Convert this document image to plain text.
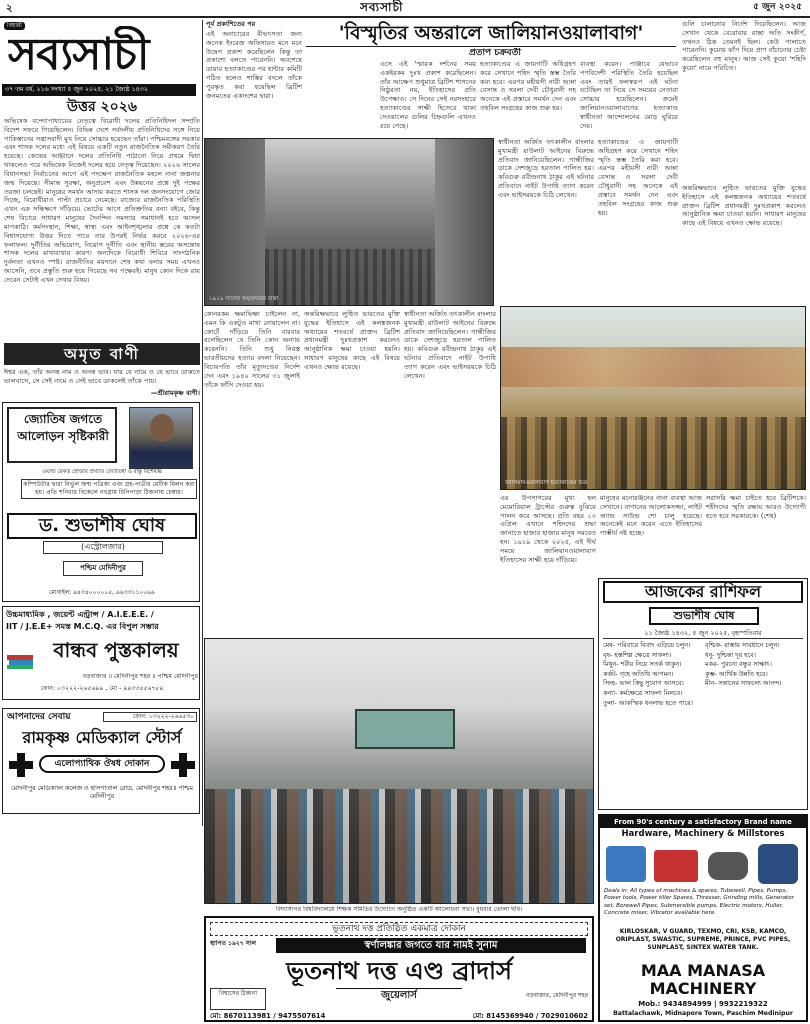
২	সব্যসাচী	৫ জুন ২০২৫
বিহারী
সব্যসাচী
৩৭ তম বর্ষ, ২১৬ সংখ্যা ৫ জুন ২০২৫, ২১ জ্যৈষ্ঠ ১৪৩২
উত্তর ২০২৬
অভিষেক বন্দ্যোপাধ্যায়ের নেতৃত্বে বিরোধী দলের প্রতিনিধিদল সম্প্রতি বিদেশ সফরে গিয়েছিলেন। বিভিন্ন দেশে সর্বদলীয় প্রতিনিধিদের সঙ্গে নিয়ে পাকিস্তানের সন্ত্রাসবাদী মুখ নিয়ে সোচ্চার হয়েছেন তাঁরা। পশ্চিমবঙ্গের সরকার এবং শাসক দলের মধ্যে এই বিষয়ে একটি নতুন রাজনৈতিক সমীকরণ তৈরি হয়েছে। কেন্দ্রের আহ্বানে দলের প্রতিনিধি পাঠানো নিয়ে প্রথমে দ্বিধা থাকলেও পরে অভিষেক নিজেই দলের হয়ে নেতৃত্ব দিয়েছেন। ২০২৬ সালের বিধানসভা নির্বাচনের আগে এই পদক্ষেপ রাজনৈতিক মহলে নানা জল্পনার জন্ম দিয়েছে। সীমান্ত সুরক্ষা, অনুপ্রবেশ এবং উন্নয়নের প্রশ্নে দুই পক্ষের তরজা চলছেই। মানুষের সমর্থন আদায় করতে শাসক দল জনসংযোগে জোর দিচ্ছে, বিরোধীরাও পাল্টা প্রচারে নেমেছে। রাজ্যের রাজনৈতিক পরিস্থিতি এখন এক সন্ধিক্ষণে দাঁড়িয়ে। ভোটের আগে প্রতিশ্রুতির বন্যা বইবে, কিন্তু শেষ বিচারে সাধারণ মানুষের দৈনন্দিন সমস্যার সমাধানই হবে আসল মাপকাঠি। কর্মসংস্থান, শিক্ষা, স্বাস্থ্য এবং আইনশৃঙ্খলার প্রশ্নে কে কতটা বিশ্বাসযোগ্য উত্তর দিতে পারে তার উপরই নির্ভর করবে ২০২৬-এর ফলাফল। দুর্নীতির অভিযোগ, নিয়োগ দুর্নীতি এবং স্থানীয় স্তরের অসন্তোষ শাসক দলের মাথাব্যথার কারণ। অন্যদিকে বিরোধী শিবিরে সাংগঠনিক দুর্বলতা এখনও স্পষ্ট। রাজনীতির ময়দানে শেষ কথা বলার সময় এখনও আসেনি, তবে প্রস্তুতি শুরু হয়ে গিয়েছে সব পক্ষেরই। মানুষ কোন দিকে রায় দেবেন সেটাই এখন দেখার বিষয়।
অমৃত বাণী
ঈশ্বর এক, তাঁর অনন্ত নাম ও অনন্ত ভাব। যার যে নামে ও যে ভাবে ডাকতে ভালবাসে, সে সেই নামে ও সেই ভাবে ডাকলেই তাঁকে পায়।
—শ্রীরামকৃষ্ণ বাণী।
জ্যোতিষ জগতে আলোড়ন সৃষ্টিকারী
ওয়ার্ল্ড রেকর্ড হোল্ডার প্রখ্যাত জ্যোতিষী ও বাস্তু বিশেষজ্ঞ
কম্পিউটার দ্বারা নির্ভুল জন্ম পত্রিকা এবং গ্রহ-পাত্রীর মেটিক মিলন করা হয়। প্রতি শনিবার বিকেলে নবগ্রাম চিনিপাড়া ঠিকানায় চেম্বার।
ড. শুভাশীষ ঘোষ
(এস্ট্রোলজার)
পশ্চিম মেদিনীপুর
মোবাইল: ৯৪৩৪০০০০০৫, ৯৯৩৩১১০০৬৯
উচ্চমাধ্যমিক , জয়েন্ট এন্ট্রান্স / A.I.E.E.E. /
IIT / J.E.E+ সমস্ত M.C.Q. এর বিপুল সম্ভার
বান্ধব পুস্তকালয়
বড়বাজার ॥ মেদিনীপুর শহর ॥ পশ্চিম মেদিনীপুর
ফোন: ০৩২২২-২৬৫৬৯৯ , মো - ৯৯৩৩৪৫৬৭৮৯
আপনাদের সেবায়	ফোন: ০৩২২২-২৬৬৫৩০
রামকৃষ্ণ মেডিক্যাল স্টোর্স
এলোপ্যাথিক ঔষধ দোকান
মেদিনীপুর মেডিক্যাল কলেজ ও হাসপাতাল রোড, মেদিনীপুর শহর॥ পশ্চিম মেদিনীপুর
পূর্ব প্রকাশিতের পর
এই অনাচারের বীভৎসতা জন্য অনেক ইংরেজ অফিসারও মনে মনে উদ্বেগ প্রকাশ করেছিলেন কিন্তু তা প্রকাশ্যে বলতে পারেননি। অবশেষে ডায়ার হত্যাকাণ্ডের পর হান্টার কমিটি গঠিত হলেও শাস্তির বদলে তাঁকে পুরস্কৃত করা হয়েছিল ব্রিটিশ জনমতের একাংশের দ্বারা।
'বিস্মৃতির অন্তরালে জালিয়ানওয়ালাবাগ'
প্রতাপ চক্রবর্তী
এসে এই 'স্মারক দর্শনের সময় একইরকম দুঃখ প্রকাশ করেছিলেন। তাঁর আক্ষেপ শুধুমাত্র ব্রিটিশ শাসনের নিষ্ঠুরতা নয়, ইতিহাসের প্রতি উপেক্ষাও। সে দিনের সেই নরসংহারে হত্যাকাণ্ডের সাক্ষী হিসেবে থাকা দেওয়ালের গুলির চিহ্নগুলি এখনও রয়ে গেছে।
হত্যাকাণ্ডের এ জায়গাটি অধিগ্রহণ করে সেখানে শহিদ স্মৃতি স্তম্ভ তৈরি করা হবে। এরপর মহীয়সী নারী আন্না বেসান্ত ও সরলা দেবী চৌধুরানী সহ অনেকে এই প্রস্তাবে সমর্থন দেন এবং তহবিল সংগ্রহের কাজ শুরু হয়।
ব্যবস্থা করেন। পাঞ্জাবে যেভাবে পণবিদেশী পরিস্থিতি তৈরি হয়েছিল এবং তারই ফলস্বরূপ এই ঘটনা ঘটেছিল তা নিয়ে সে সময়ের নেতারা সোচ্চার হয়েছিলেন। ক্রমেই জালিয়ানওয়ালাবাগের হত্যাকাণ্ড স্বাধীনতা আন্দোলনের মোড় ঘুরিয়ে দেয়।
গুলি চালানোর নির্দেশ দিয়েছিলেন। আজ সেখান থেকে বেরোবার রাস্তা অতি সংকীর্ণ, তখনও ঠিক তেমনই ছিল। কেউ পালাতে পারেননি। কুয়োয় ঝাঁপ দিয়ে প্রাণ বাঁচানোর চেষ্টা করেছিলেন বহু মানুষ। আজ সেই কুয়ো 'শহিদি কুয়ো' নামে পরিচিত।
১৯১৯ সালের অমৃতসরের রাস্তা
স্বাধীনতা অর্জিত তৎকালীন বাংলার মুখ্যমন্ত্রী রাউলাট আইনের বিরুদ্ধে প্রতিবাদ জানিয়েছিলেন। গান্ধীজির ডাকে দেশজুড়ে হরতাল পালিত হয়। কবিগুরু রবীন্দ্রনাথ ঠাকুর এই ঘটনার প্রতিবাদে নাইট উপাধি ত্যাগ করেন এবং ভাইসরয়কে চিঠি লেখেন।
হত্যাকাণ্ডের এ জায়গাটি অধিগ্রহণ করে সেখানে শহিদ স্মৃতি স্তম্ভ তৈরি করা হবে। এরপর মহীয়সী নারী আন্না বেসান্ত ও সরলা দেবী চৌধুরানী সহ অনেকে এই প্রস্তাবে সমর্থন দেন এবং তহবিল সংগ্রহের কাজ শুরু হয়।
অন্তরিক্ষভাবে লুণ্ঠিত ভারতের মুক্তি যুদ্ধের ইতিহাসে এই কলঙ্কজনক অধ্যায়ের শতবর্ষে প্রাক্তন ব্রিটিশ প্রধানমন্ত্রী দুঃখপ্রকাশ করলেও আনুষ্ঠানিক ক্ষমা চাওয়া হয়নি। সাধারণ মানুষের কাছে এই বিষয়ে এখনও ক্ষোভ রয়েছে।
জালিয়ানওয়ালাবাগ হত্যাকাণ্ডের চিত্র
কোনরকম ক্ষমাভিক্ষা চাইলেন না, এমন কি একটুও মাথা নোয়ালেন না। কোর্টে দাঁড়িয়ে তিনি বারবার বলেছিলেন যে তিনি কোন অন্যায় করেননি। তিনি শুধু নিরস্ত্র ভারতীয়দের হত্যার বদলা নিয়েছেন। বিচারপতি তাঁর মৃত্যুদণ্ডের নির্দেশ দেন এবং ১৯৪০ সালের ৩১ জুলাই তাঁকে ফাঁসি দেওয়া হয়।
অন্তরিক্ষভাবে লুণ্ঠিত ভারতের মুক্তি যুদ্ধের ইতিহাসে এই কলঙ্কজনক অধ্যায়ের শতবর্ষে প্রাক্তন ব্রিটিশ প্রধানমন্ত্রী দুঃখপ্রকাশ করলেও আনুষ্ঠানিক ক্ষমা চাওয়া হয়নি। সাধারণ মানুষের কাছে এই বিষয়ে এখনও ক্ষোভ রয়েছে।
স্বাধীনতা অর্জিত তৎকালীন বাংলার মুখ্যমন্ত্রী রাউলাট আইনের বিরুদ্ধে প্রতিবাদ জানিয়েছিলেন। গান্ধীজির ডাকে দেশজুড়ে হরতাল পালিত হয়। কবিগুরু রবীন্দ্রনাথ ঠাকুর এই ঘটনার প্রতিবাদে নাইট উপাধি ত্যাগ করেন এবং ভাইসরয়কে চিঠি লেখেন।
এর উপসাগরের মুখ্য হল মেমোরিয়াল ট্রাস্টের গুরুত্ব বুঝিয়ে পালন করে আসছে। প্রতি বছর ১৩ এপ্রিল এখানে শহিদদের শ্রদ্ধা জানাতে হাজার হাজার মানুষ সমবেত হন। ১৯১৯ থেকে ২০২৫, এই দীর্ঘ সময়ে জালিয়ানওয়ালাবাগ ইতিহাসের সাক্ষী হয়ে দাঁড়িয়ে।
মানুষের মনোরঞ্জনের নানা ব্যবস্থা আজ সেখানে। বাগানের আলোকসজ্জা, লাইট অ্যান্ড সাউন্ড শো চালু হয়েছে। অনেকেই মনে করেন এতে ইতিহাসের গাম্ভীর্য নষ্ট হচ্ছে।
সরাসরি ক্ষমা চাইতে হবে ব্রিটিশকে। শহীদদের স্মৃতি রক্ষায় আরও উদ্যোগী হতে হবে সরকারকে। (শেষ)
আজকের রাশিফল
শুভাশীষ ঘোষ
২১ জ্যৈষ্ঠ ১৪৩২, ৫ জুন ২০২৫, বৃহস্পতিবার
মেষ- পরিবারে বিবাদ এড়িয়ে চলুন।
বৃষ- হস্তশিল্প ক্ষেত্রে সাফল্য।
মিথুন- শরীর নিয়ে সতর্ক থাকুন।
কর্কট- গৃহে অতিথি আগমন।
সিংহ- ভাল কিছু সুযোগ আসবে।
কন্যা- কর্মক্ষেত্রে সাফল্য মিলবে।
তুলা- আকস্মিক ধনলাভ হতে পারে।
বৃশ্চিক- রাস্তায় সাবধানে চলুন।
ধনু- দুশ্চিন্তা দূর হবে।
মকর- পুরনো বন্ধুর সাক্ষাৎ।
কুম্ভ- আর্থিক উন্নতি হবে।
মীন- সন্তানের সাফল্যে আনন্দ।
বিদ্যাসাগর বিশ্ববিদ্যালয়ে শিক্ষক সমিতির উদ্যোগে অনুষ্ঠিত একটি আলোচনা সভা। বুধবার তোলা ছবি।
From 90's century a satisfactory Brand name
Hardware, Machinery & Millstores
Deals in: All types of machines & spares, Tubewell, Pipes, Pumps, Power tools, Power tiller Spares, Thresser, Grinding mills, Generator set, Borewell Pipes, Submersible pumps, Electric motors, Huller, Concrete mixer, Vibrator available here.
KIRLOSKAR, V GUARD, TEXMO, CRI, KSB, KAMCO, ORIPLAST, SWASTIC, SUPREME, PRINCE, PVC PIPES, SUNPLAST, SINTEX WATER TANK.
MAA MANASA
MACHINERY
Mob.: 9434894999 | 9932219322
Battalachawk, Midnapore Town, Paschim Medinipur
ভূতনাথ দত্ত প্রতিষ্ঠিত একমাত্র দোকান
স্থাপিত ১৯২৭ সাল	স্বর্ণালঙ্কার জগতে যার নামই সুনাম
ভূতনাথ দত্ত এণ্ড ব্রাদার্স
জুয়েলার্স
বিশ্বাসের ঠিকানা	বড়বাজার, মেদিনীপুর শহর
মো: 8670113981 / 9475507614	মো: 8145369940 / 7029010602
